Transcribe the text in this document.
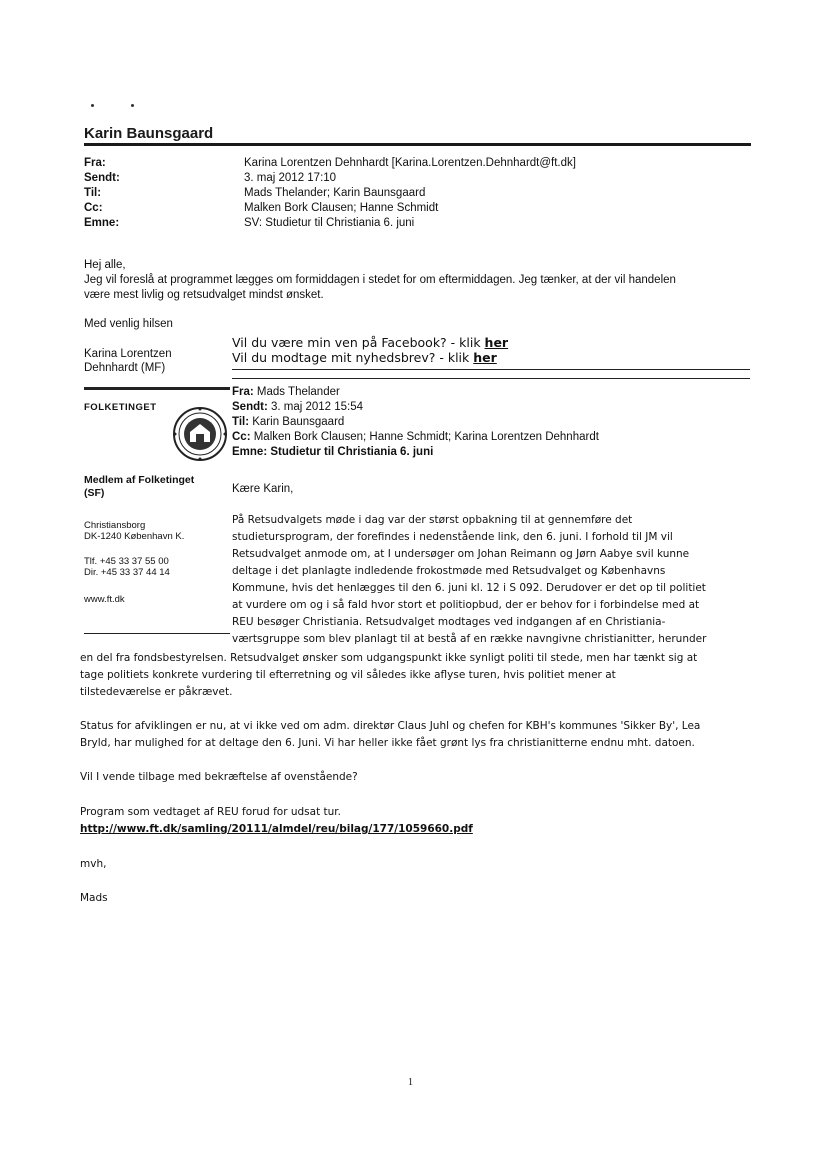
Karin Baunsgaard
Fra:	Karina Lorentzen Dehnhardt [Karina.Lorentzen.Dehnhardt@ft.dk]
Sendt:	3. maj 2012 17:10
Til:	Mads Thelander; Karin Baunsgaard
Cc:	Malken Bork Clausen; Hanne Schmidt
Emne:	SV: Studietur til Christiania 6. juni
Hej alle,
Jeg vil foreslå at programmet lægges om formiddagen i stedet for om eftermiddagen. Jeg tænker, at der vil handelen
være mest livlig og retsudvalget mindst ønsket.
Med venlig hilsen
Karina Lorentzen
Dehnhardt (MF)
Vil du være min ven på Facebook? - klik her
Vil du modtage mit nyhedsbrev? - klik her
FOLKETINGET
Medlem af Folketinget
(SF)
Christiansborg
DK-1240 København K.
Tlf. +45 33 37 55 00
Dir. +45 33 37 44 14
www.ft.dk
Fra: Mads Thelander
Sendt: 3. maj 2012 15:54
Til: Karin Baunsgaard
Cc: Malken Bork Clausen; Hanne Schmidt; Karina Lorentzen Dehnhardt
Emne: Studietur til Christiania 6. juni
Kære Karin,
På Retsudvalgets møde i dag var der størst opbakning til at gennemføre det
studietursprogram, der forefindes i nedenstående link, den 6. juni. I forhold til JM vil
Retsudvalget anmode om, at I undersøger om Johan Reimann og Jørn Aabye svil kunne
deltage i det planlagte indledende frokostmøde med Retsudvalget og Københavns
Kommune, hvis det henlægges til den 6. juni kl. 12 i S 092. Derudover er det op til politiet
at vurdere om og i så fald hvor stort et politiopbud, der er behov for i forbindelse med at
REU besøger Christiania. Retsudvalget modtages ved indgangen af en Christiania-
værtsgruppe som blev planlagt til at bestå af en række navngivne christianitter, herunder
en del fra fondsbestyrelsen. Retsudvalget ønsker som udgangspunkt ikke synligt politi til stede, men har tænkt sig at
tage politiets konkrete vurdering til efterretning og vil således ikke aflyse turen, hvis politiet mener at
tilstedeværelse er påkrævet.
Status for afviklingen er nu, at vi ikke ved om adm. direktør Claus Juhl og chefen for KBH's kommunes 'Sikker By', Lea
Bryld, har mulighed for at deltage den 6. Juni. Vi har heller ikke fået grønt lys fra christianitterne endnu mht. datoen.
Vil I vende tilbage med bekræftelse af ovenstående?
Program som vedtaget af REU forud for udsat tur.
http://www.ft.dk/samling/20111/almdel/reu/bilag/177/1059660.pdf
mvh,
Mads
1
